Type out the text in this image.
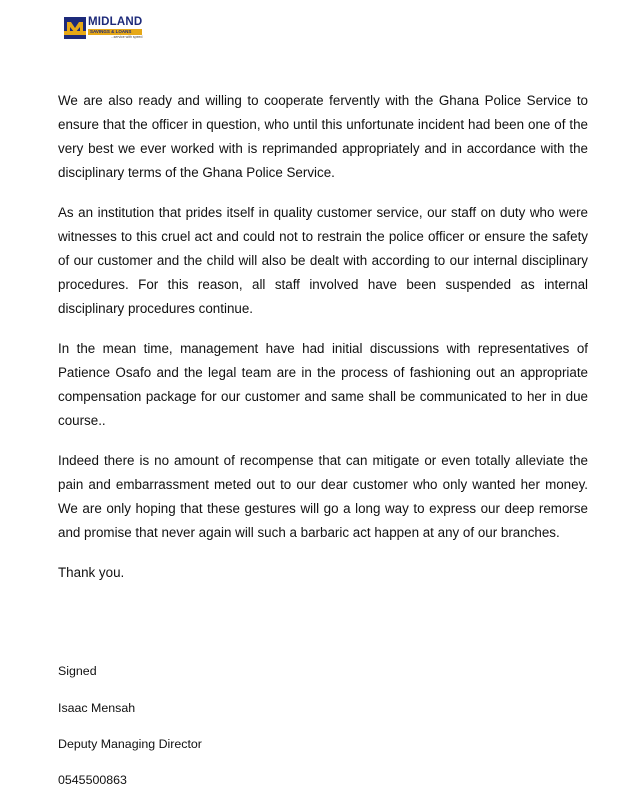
MIDLAND
SAVINGS & LOANS
...service with speed

We are also ready and willing to cooperate fervently with the Ghana Police Service to ensure that the officer in question, who until this unfortunate incident had been one of the very best we ever worked with is reprimanded appropriately and in accordance with the disciplinary terms of the Ghana Police Service.

As an institution that prides itself in quality customer service, our staff on duty who were witnesses to this cruel act and could not to restrain the police officer or ensure the safety of our customer and the child will also be dealt with according to our internal disciplinary procedures. For this reason, all staff involved have been suspended as internal disciplinary procedures continue.

In the mean time, management have had initial discussions with representatives of Patience Osafo and the legal team are in the process of fashioning out an appropriate compensation package for our customer and same shall be communicated to her in due course..

Indeed there is no amount of recompense that can mitigate or even totally alleviate the pain and embarrassment meted out to our dear customer who only wanted her money. We are only hoping that these gestures will go a long way to express our deep remorse and promise that never again will such a barbaric act happen at any of our branches.

Thank you.

Signed

Isaac Mensah

Deputy Managing Director

0545500863
